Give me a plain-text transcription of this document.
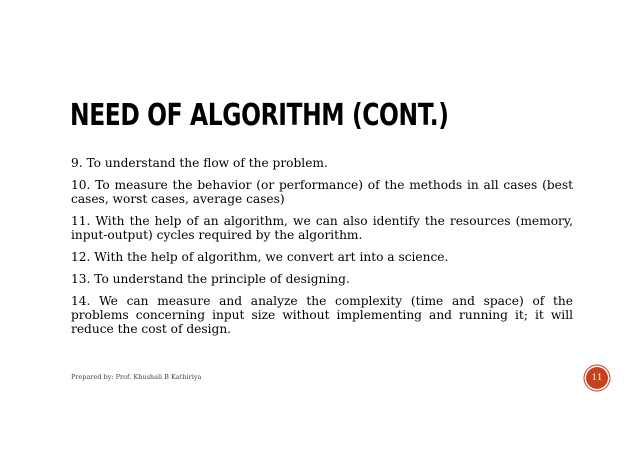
NEED OF ALGORITHM (CONT.)

9. To understand the flow of the problem.

10. To measure the behavior (or performance) of the methods in all cases (best cases, worst cases, average cases)

11. With the help of an algorithm, we can also identify the resources (memory, input-output) cycles required by the algorithm.

12. With the help of algorithm, we convert art into a science.

13. To understand the principle of designing.

14. We can measure and analyze the complexity (time and space) of the problems concerning input size without implementing and running it; it will reduce the cost of design.

Prepared by: Prof. Khushali B Kathiriya	11
